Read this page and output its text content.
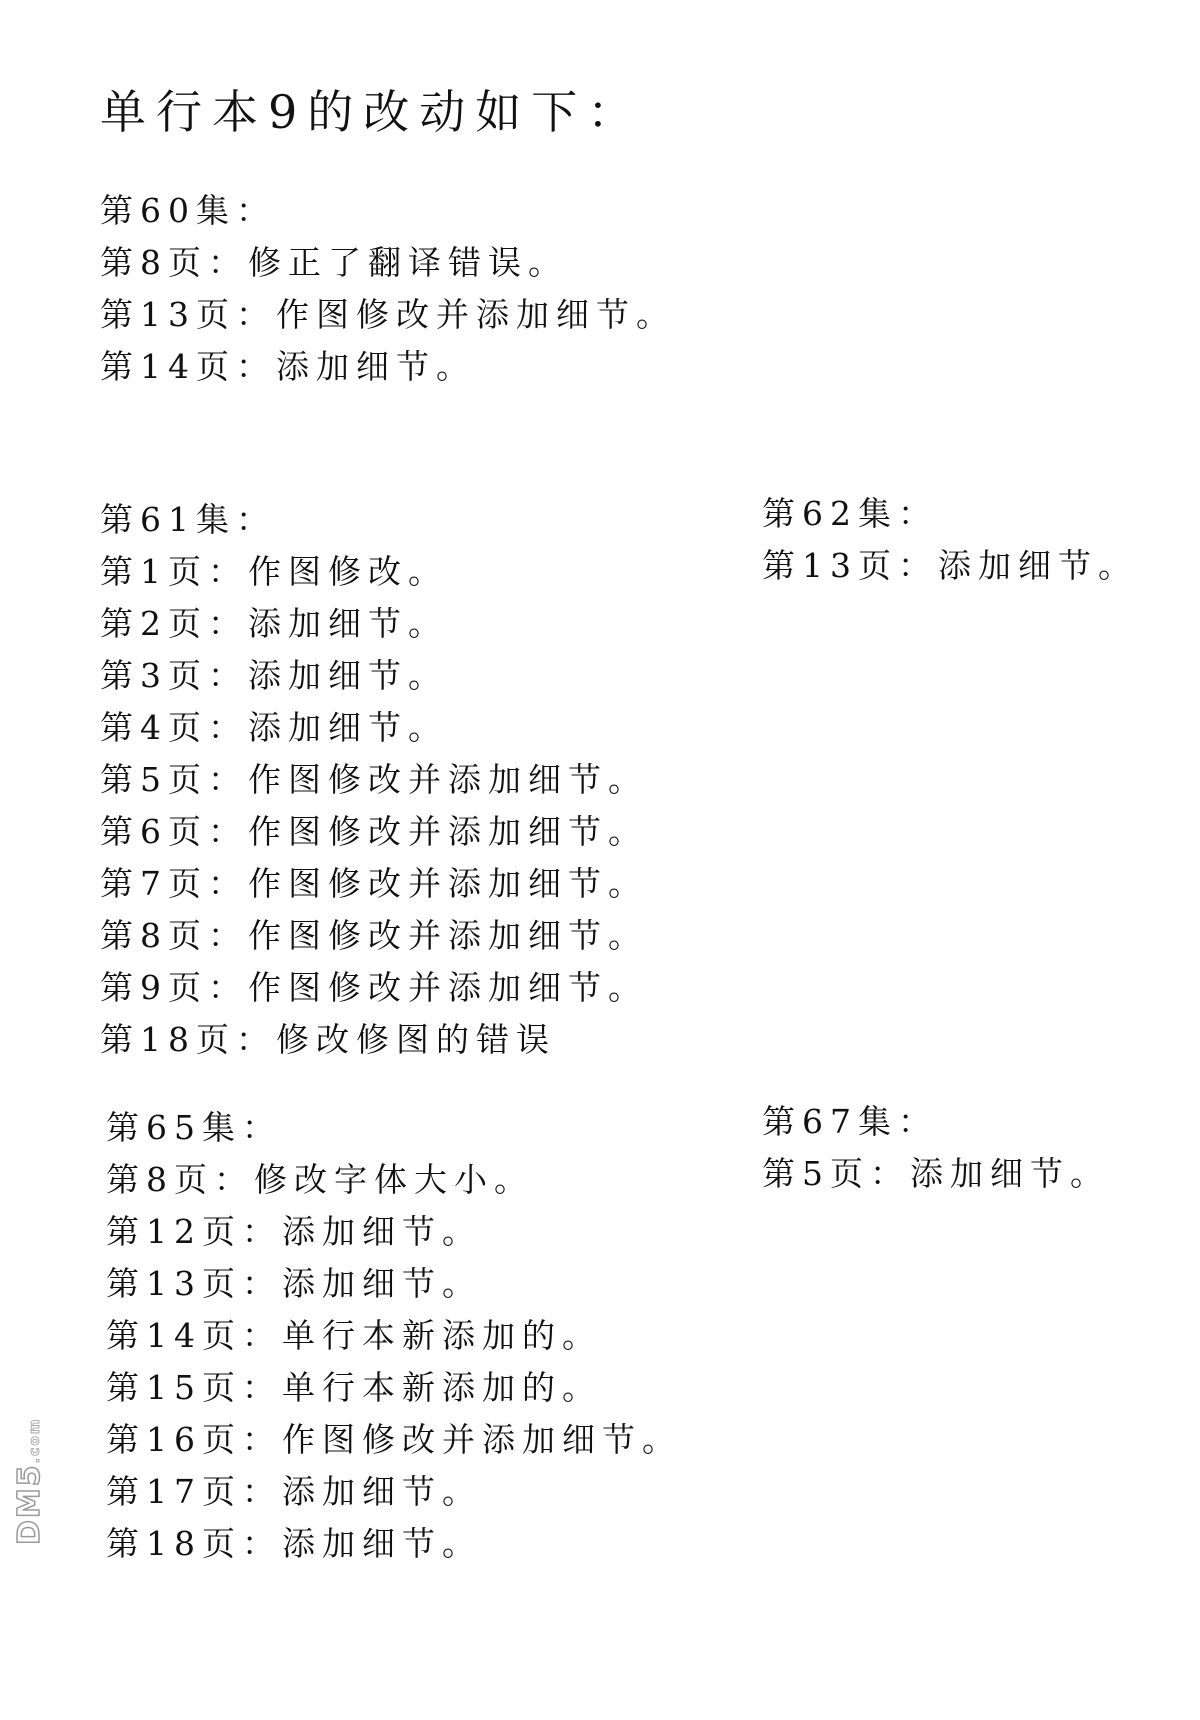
单行本9的改动如下：
第60集：
第8页：修正了翻译错误。
第13页：作图修改并添加细节。
第14页：添加细节。
第61集：
第1页：作图修改。
第2页：添加细节。
第3页：添加细节。
第4页：添加细节。
第5页：作图修改并添加细节。
第6页：作图修改并添加细节。
第7页：作图修改并添加细节。
第8页：作图修改并添加细节。
第9页：作图修改并添加细节。
第18页：修改修图的错误
第62集：
第13页：添加细节。
第65集：
第8页：修改字体大小。
第12页：添加细节。
第13页：添加细节。
第14页：单行本新添加的。
第15页：单行本新添加的。
第16页：作图修改并添加细节。
第17页：添加细节。
第18页：添加细节。
第67集：
第5页：添加细节。
DM5.com
